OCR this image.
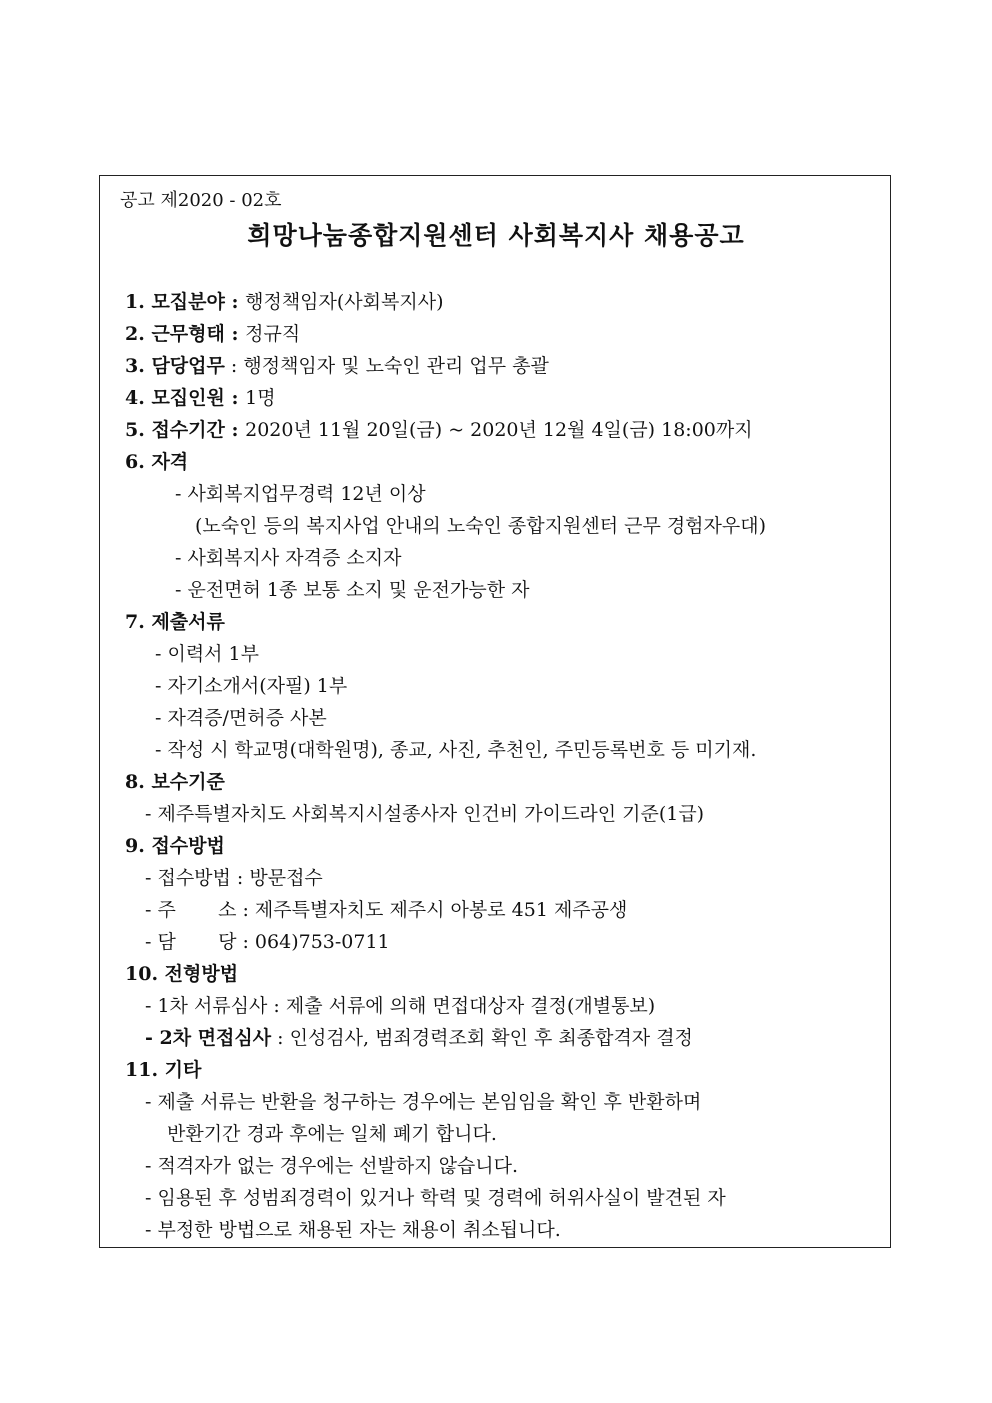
공고 제2020 - 02호
희망나눔종합지원센터 사회복지사 채용공고
1. 모집분야 : 행정책임자(사회복지사)
2. 근무형태 : 정규직
3. 담당업무 : 행정책임자 및 노숙인 관리 업무 총괄
4. 모집인원 : 1명
5. 접수기간 : 2020년 11월 20일(금) ~ 2020년 12월 4일(금) 18:00까지
6. 자격
- 사회복지업무경력 12년 이상
(노숙인 등의 복지사업 안내의 노숙인 종합지원센터 근무 경험자우대)
- 사회복지사 자격증 소지자
- 운전면허 1종 보통 소지 및 운전가능한 자
7. 제출서류
- 이력서 1부
- 자기소개서(자필) 1부
- 자격증/면허증 사본
- 작성 시 학교명(대학원명), 종교, 사진, 추천인, 주민등록번호 등 미기재.
8. 보수기준
- 제주특별자치도 사회복지시설종사자 인건비 가이드라인 기준(1급)
9. 접수방법
- 접수방법 : 방문접수
- 주       소 : 제주특별자치도 제주시 아봉로 451 제주공생
- 담       당 : 064)753-0711
10. 전형방법
- 1차 서류심사 : 제출 서류에 의해 면접대상자 결정(개별통보)
- 2차 면접심사 : 인성검사, 범죄경력조회 확인 후 최종합격자 결정
11. 기타
- 제출 서류는 반환을 청구하는 경우에는 본임임을 확인 후 반환하며
반환기간 경과 후에는 일체 폐기 합니다.
- 적격자가 없는 경우에는 선발하지 않습니다.
- 임용된 후 성범죄경력이 있거나 학력 및 경력에 허위사실이 발견된 자
- 부정한 방법으로 채용된 자는 채용이 취소됩니다.
